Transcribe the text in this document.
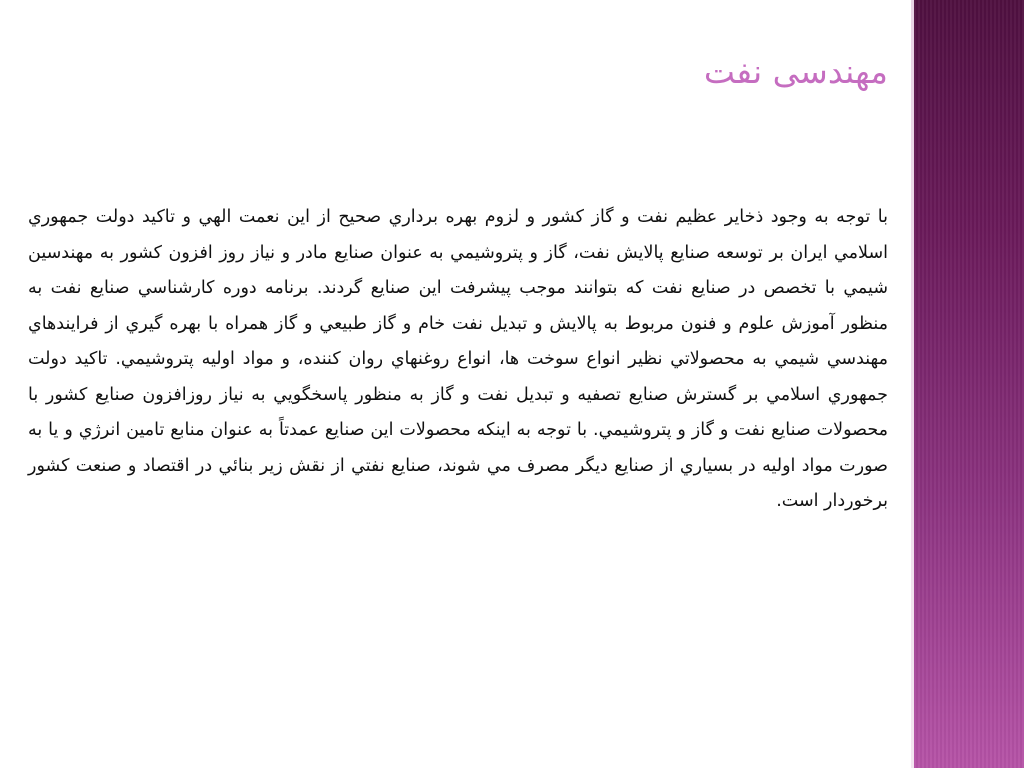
مهندسی نفت

با توجه به وجود ذخاير عظيم نفت و گاز كشور و لزوم بهره برداري صحيح از اين نعمت الهي و تاكيد دولت جمهوري اسلامي ايران بر توسعه صنايع پالايش نفت، گاز و پتروشيمي به عنوان صنايع مادر و نياز روز افزون كشور به مهندسين شيمي با تخصص در صنايع نفت كه بتوانند موجب پيشرفت اين صنايع گردند. برنامه دوره كارشناسي صنايع نفت به منظور آموزش علوم و فنون مربوط به پالايش و تبديل نفت خام و گاز طبيعي و گاز همراه با بهره گيري از فرايندهاي مهندسي شيمي به محصولاتي نظير انواع سوخت ها، انواع روغنهاي روان كننده، و مواد اوليه پتروشيمي. تاكيد دولت جمهوري اسلامي بر گسترش صنايع تصفيه و تبديل نفت و گاز به منظور پاسخگويي به نياز روزافزون صنايع كشور با محصولات صنايع نفت و گاز و پتروشيمي. با توجه به اينكه محصولات اين صنايع عمدتاً به عنوان منابع تامين انرژي و يا به صورت مواد اوليه در بسياري از صنايع ديگر مصرف مي شوند، صنايع نفتي از نقش زير بنائي در اقتصاد و صنعت كشور برخوردار است.
